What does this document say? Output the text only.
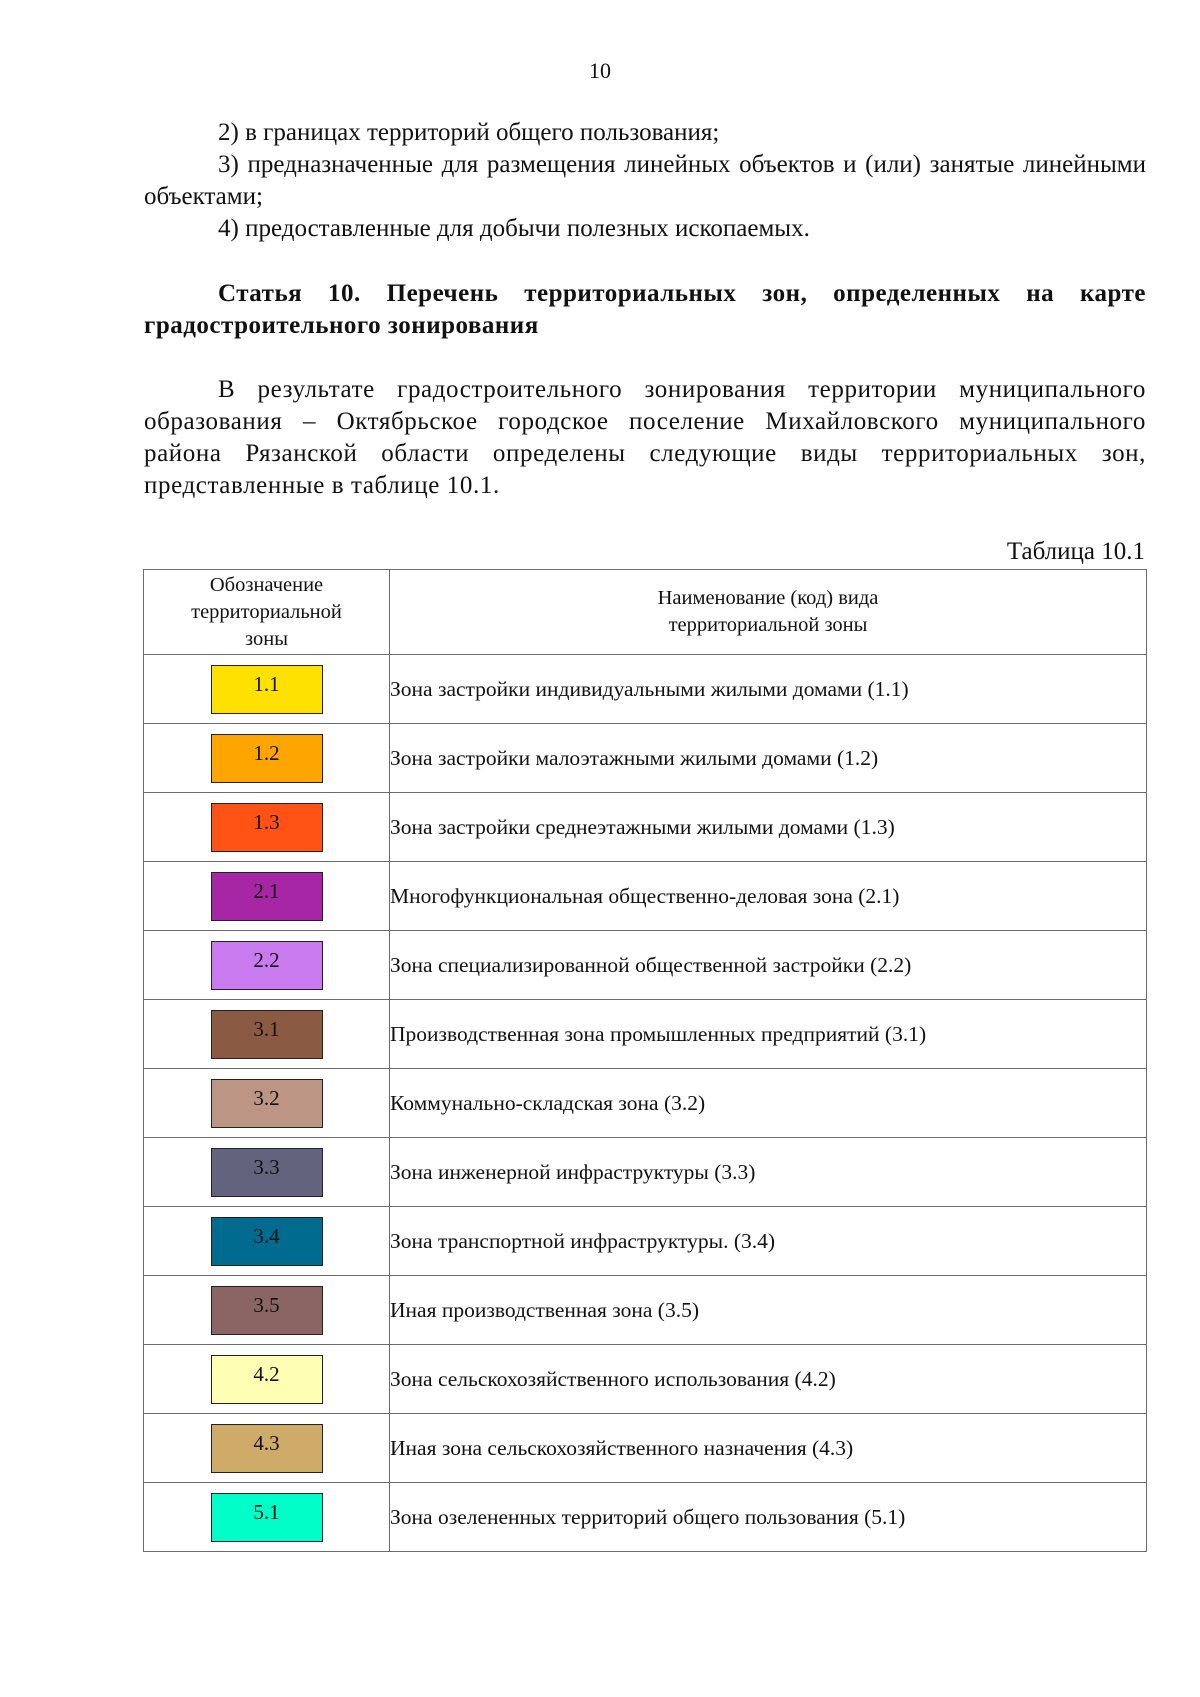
10

2) в границах территорий общего пользования;

3) предназначенные для размещения линейных объектов и (или) занятые линейными объектами;

4) предоставленные для добычи полезных ископаемых.

Статья 10. Перечень территориальных зон, определенных на карте градостроительного зонирования

В результате градостроительного зонирования территории муниципального образования – Октябрьское городское поселение Михайловского муниципального района Рязанской области определены следующие виды территориальных зон, представленные в таблице 10.1.

Таблица 10.1
Обозначение территориальной зоны	Наименование (код) вида территориальной зоны
1.1	Зона застройки индивидуальными жилыми домами (1.1)
1.2	Зона застройки малоэтажными жилыми домами (1.2)
1.3	Зона застройки среднеэтажными жилыми домами (1.3)
2.1	Многофункциональная общественно-деловая зона (2.1)
2.2	Зона специализированной общественной застройки (2.2)
3.1	Производственная зона промышленных предприятий (3.1)
3.2	Коммунально-складская зона (3.2)
3.3	Зона инженерной инфраструктуры (3.3)
3.4	Зона транспортной инфраструктуры. (3.4)
3.5	Иная производственная зона (3.5)
4.2	Зона сельскохозяйственного использования (4.2)
4.3	Иная зона сельскохозяйственного назначения (4.3)
5.1	Зона озелененных территорий общего пользования (5.1)
